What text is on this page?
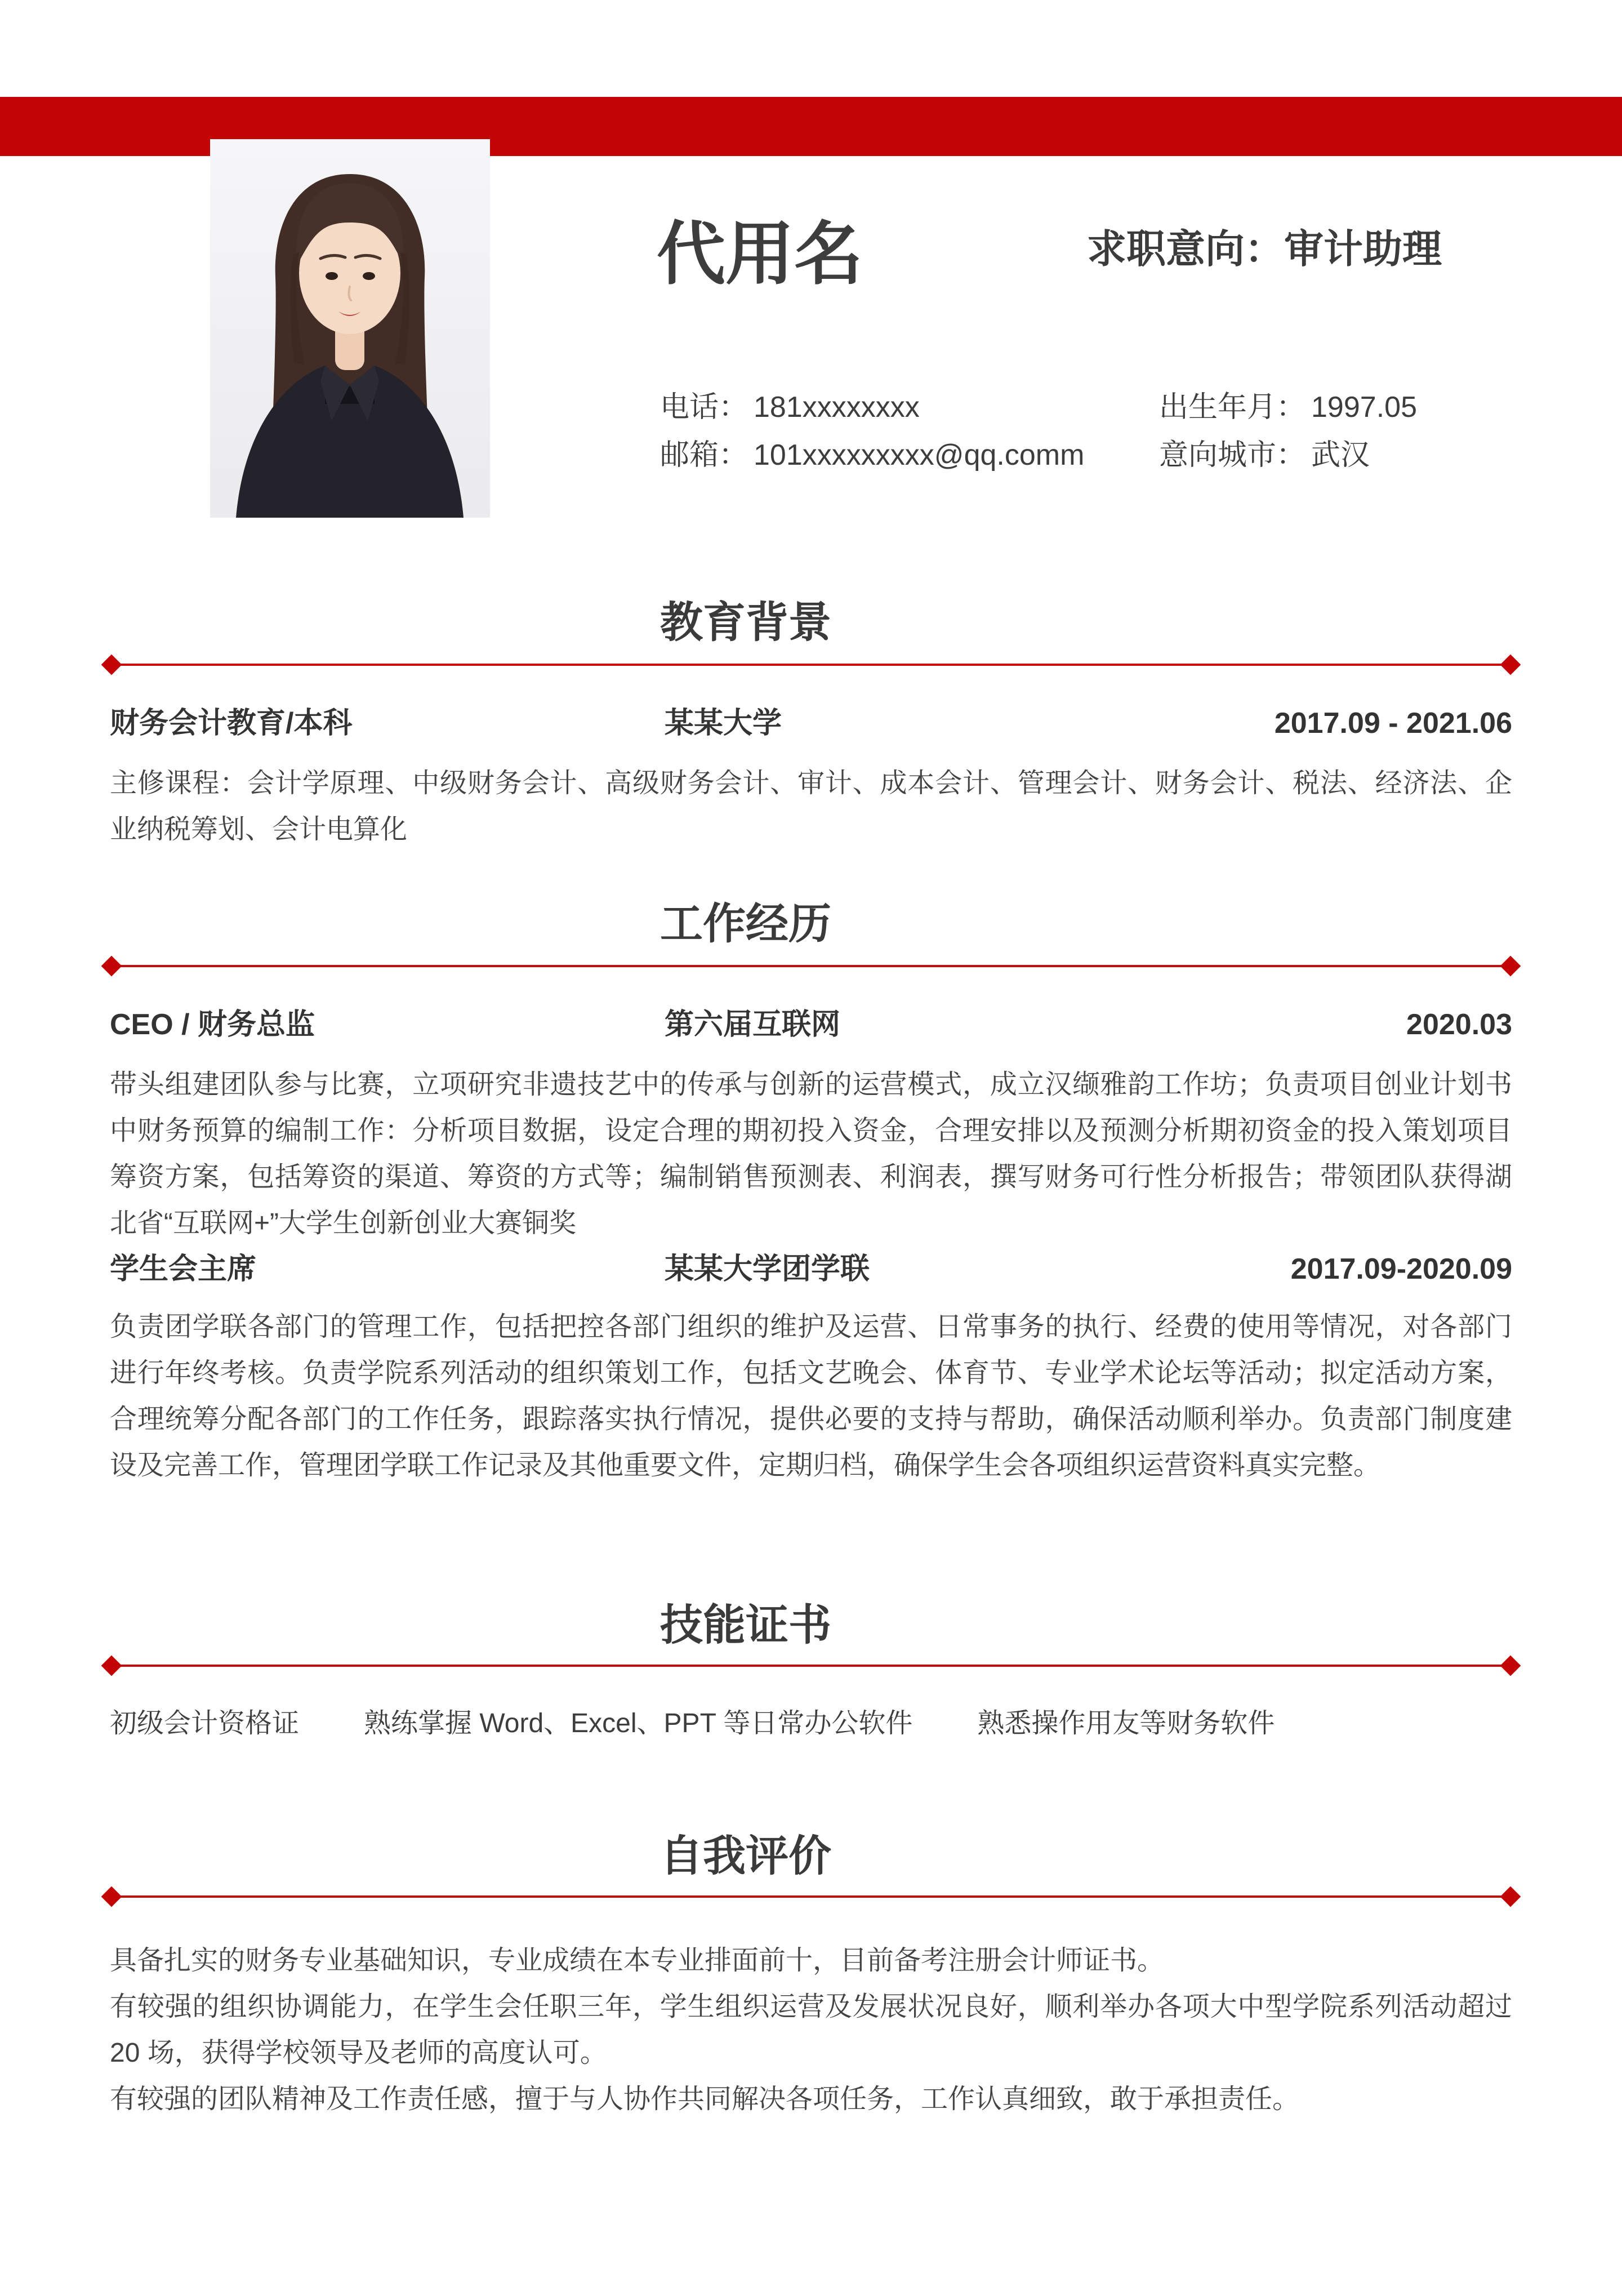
代用名	求职意向：审计助理
电话： 181xxxxxxxx	出生年月： 1997.05
邮箱： 101xxxxxxxxx@qq.comm	意向城市： 武汉
教育背景
财务会计教育/本科	某某大学	2017.09 - 2021.06
主修课程：会计学原理、中级财务会计、高级财务会计、审计、成本会计、管理会计、财务会计、税法、经济法、企业纳税筹划、会计电算化
工作经历
CEO / 财务总监	第六届互联网	2020.03
带头组建团队参与比赛，立项研究非遗技艺中的传承与创新的运营模式，成立汉缬雅韵工作坊；负责项目创业计划书中财务预算的编制工作：分析项目数据，设定合理的期初投入资金，合理安排以及预测分析期初资金的投入策划项目筹资方案，包括筹资的渠道、筹资的方式等；编制销售预测表、利润表，撰写财务可行性分析报告；带领团队获得湖北省“互联网+”大学生创新创业大赛铜奖
学生会主席	某某大学团学联	2017.09-2020.09
负责团学联各部门的管理工作，包括把控各部门组织的维护及运营、日常事务的执行、经费的使用等情况，对各部门进行年终考核。负责学院系列活动的组织策划工作，包括文艺晚会、体育节、专业学术论坛等活动；拟定活动方案，合理统筹分配各部门的工作任务，跟踪落实执行情况，提供必要的支持与帮助，确保活动顺利举办。负责部门制度建设及完善工作，管理团学联工作记录及其他重要文件，定期归档，确保学生会各项组织运营资料真实完整。
技能证书
初级会计资格证 熟练掌握 Word、Excel、PPT 等日常办公软件 熟悉操作用友等财务软件
自我评价
具备扎实的财务专业基础知识，专业成绩在本专业排面前十，目前备考注册会计师证书。
有较强的组织协调能力，在学生会任职三年，学生组织运营及发展状况良好，顺利举办各项大中型学院系列活动超过 20 场，获得学校领导及老师的高度认可。
有较强的团队精神及工作责任感，擅于与人协作共同解决各项任务，工作认真细致，敢于承担责任。
